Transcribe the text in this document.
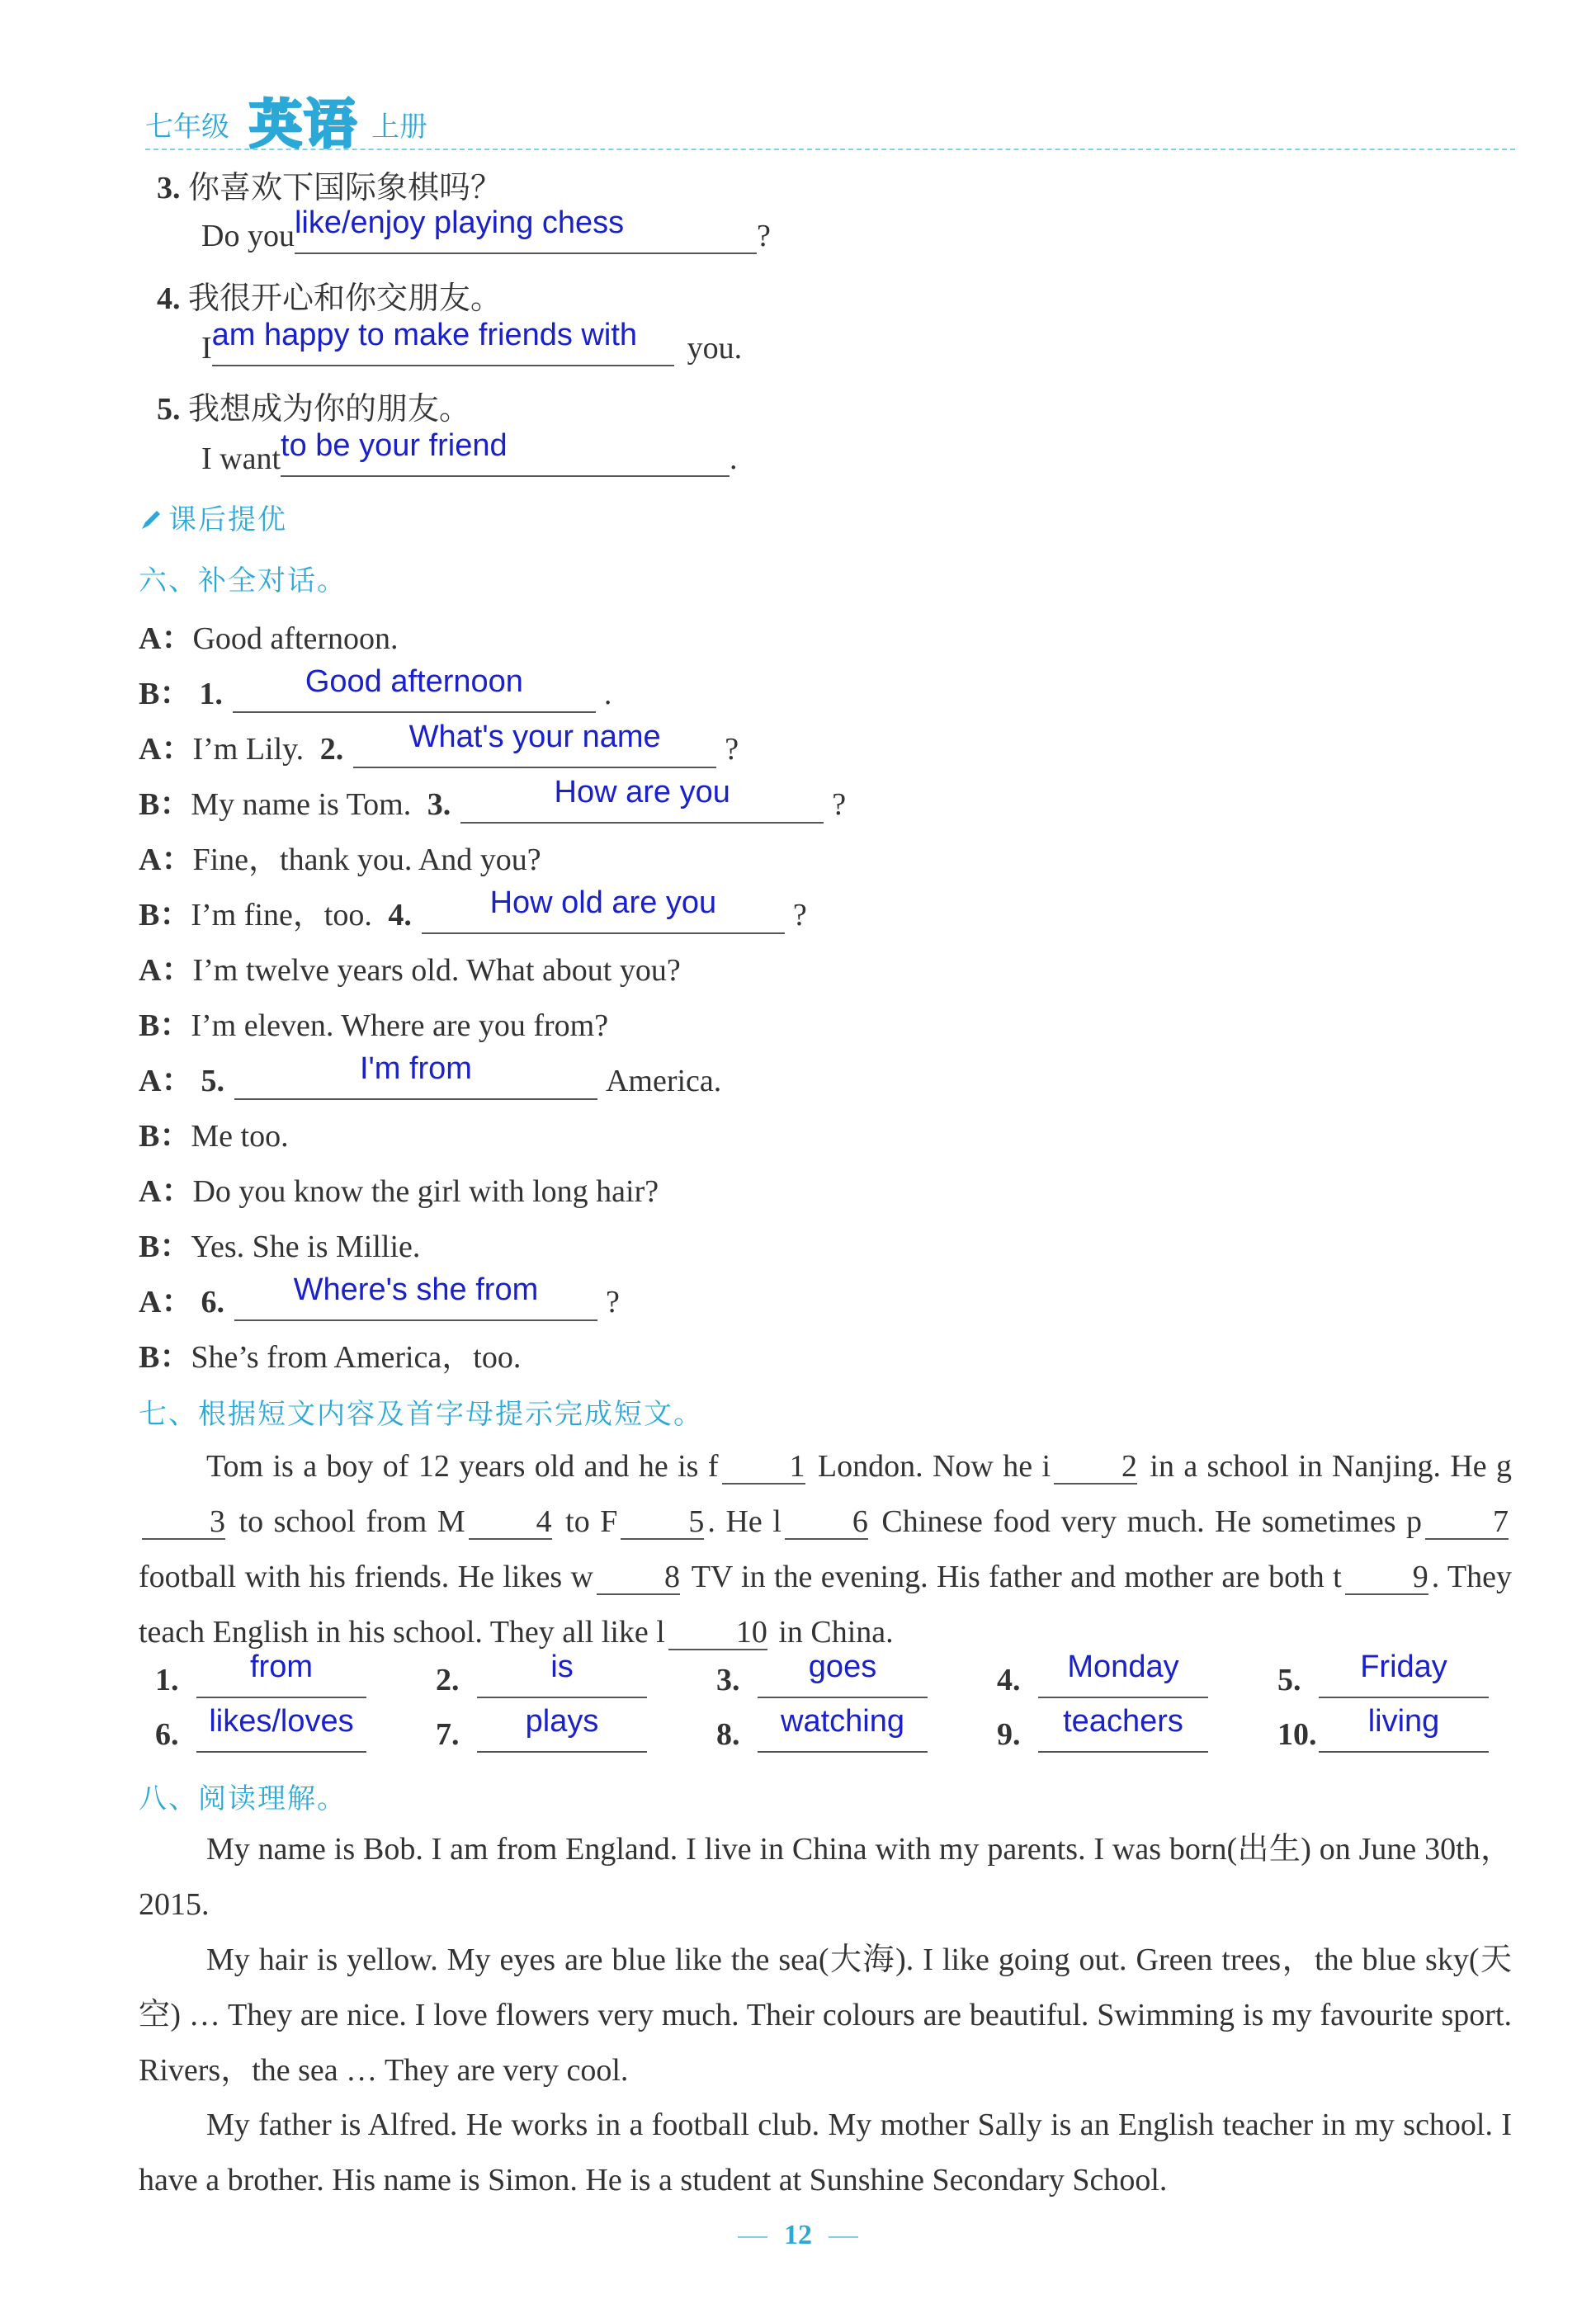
七年级 英语 上册
3. 你喜欢下国际象棋吗？
Do youlike/enjoy playing chess	?
4. 我很开心和你交朋友。
Iam happy to make friends with you.
5. 我想成为你的朋友。
I wantto be your friend	.
课后提优
六、补全对话。
A：Good afternoon.
B： 1.	Good afternoon	.
A：I’m Lily. 2. What's your name ?
B：My name is Tom. 3.	How are you	?
A：Fine，thank you. And you?
B：I’m fine，too. 4. How old are you ?
A：I’m twelve years old. What about you?
B：I’m eleven. Where are you from?
A： 5.	I'm from	America.
B：Me too.
A：Do you know the girl with long hair?
B：Yes. She is Millie.
A： 6. Where's she from ?
B：She’s from America，too.
七、根据短文内容及首字母提示完成短文。
Tom is a boy of 12 years old and he is f 1 London. Now he i 2 in a school in Nanjing. He g3 to school from M 4 to F 5 . He l 6 Chinese food very much. He sometimes p 7 football with his friends. He likes w 8 TV in the evening. His father and mother are both t 9 . They teach English in his school. They all like l 10 in China.
1. from	2.	is	3. goes	4. Monday	5. Friday
6. likes/loves	7. plays	8. watching	9. teachers	10. living
八、阅读理解。
My name is Bob. I am from England. I live in China with my parents. I was born(出生) on June 30th，2015.
My hair is yellow. My eyes are blue like the sea(大海). I like going out. Green trees，the blue sky(天空) … They are nice. I love flowers very much. Their colours are beautiful. Swimming is my favourite sport. Rivers，the sea … They are very cool.
My father is Alfred. He works in a football club. My mother Sally is an English teacher in my school. I have a brother. His name is Simon. He is a student at Sunshine Secondary School.
12
